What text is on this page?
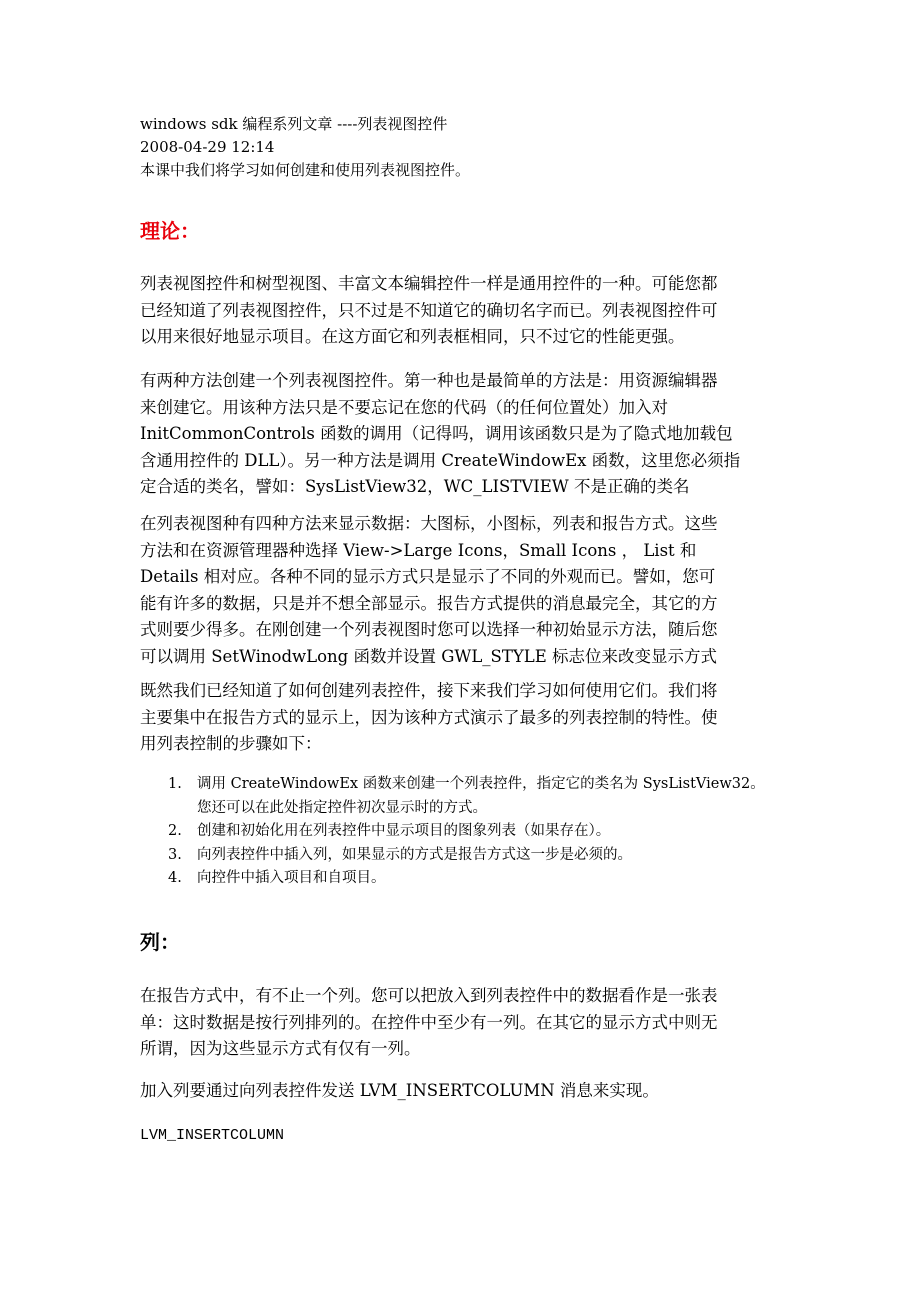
windows sdk 编程系列文章 ----列表视图控件
2008-04-29 12:14
本课中我们将学习如何创建和使用列表视图控件。
理论：
列表视图控件和树型视图、丰富文本编辑控件一样是通用控件的一种。可能您都
已经知道了列表视图控件，只不过是不知道它的确切名字而已。列表视图控件可
以用来很好地显示项目。在这方面它和列表框相同，只不过它的性能更强。
有两种方法创建一个列表视图控件。第一种也是最简单的方法是：用资源编辑器
来创建它。用该种方法只是不要忘记在您的代码（的任何位置处）加入对
InitCommonControls 函数的调用（记得吗，调用该函数只是为了隐式地加载包
含通用控件的 DLL）。另一种方法是调用 CreateWindowEx 函数，这里您必须指
定合适的类名，譬如：SysListView32，WC_LISTVIEW 不是正确的类名
在列表视图种有四种方法来显示数据：大图标，小图标，列表和报告方式。这些
方法和在资源管理器种选择 View->Large Icons，Small Icons ， List 和
Details 相对应。各种不同的显示方式只是显示了不同的外观而已。譬如，您可
能有许多的数据，只是并不想全部显示。报告方式提供的消息最完全，其它的方
式则要少得多。在刚创建一个列表视图时您可以选择一种初始显示方法，随后您
可以调用 SetWinodwLong 函数并设置 GWL_STYLE 标志位来改变显示方式
既然我们已经知道了如何创建列表控件，接下来我们学习如何使用它们。我们将
主要集中在报告方式的显示上，因为该种方式演示了最多的列表控制的特性。使
用列表控制的步骤如下：
1. 调用 CreateWindowEx 函数来创建一个列表控件，指定它的类名为 SysListView32。
您还可以在此处指定控件初次显示时的方式。
2. 创建和初始化用在列表控件中显示项目的图象列表（如果存在）。
3. 向列表控件中插入列，如果显示的方式是报告方式这一步是必须的。
4. 向控件中插入项目和自项目。
列：
在报告方式中，有不止一个列。您可以把放入到列表控件中的数据看作是一张表
单：这时数据是按行列排列的。在控件中至少有一列。在其它的显示方式中则无
所谓，因为这些显示方式有仅有一列。
加入列要通过向列表控件发送 LVM_INSERTCOLUMN 消息来实现。
LVM_INSERTCOLUMN
